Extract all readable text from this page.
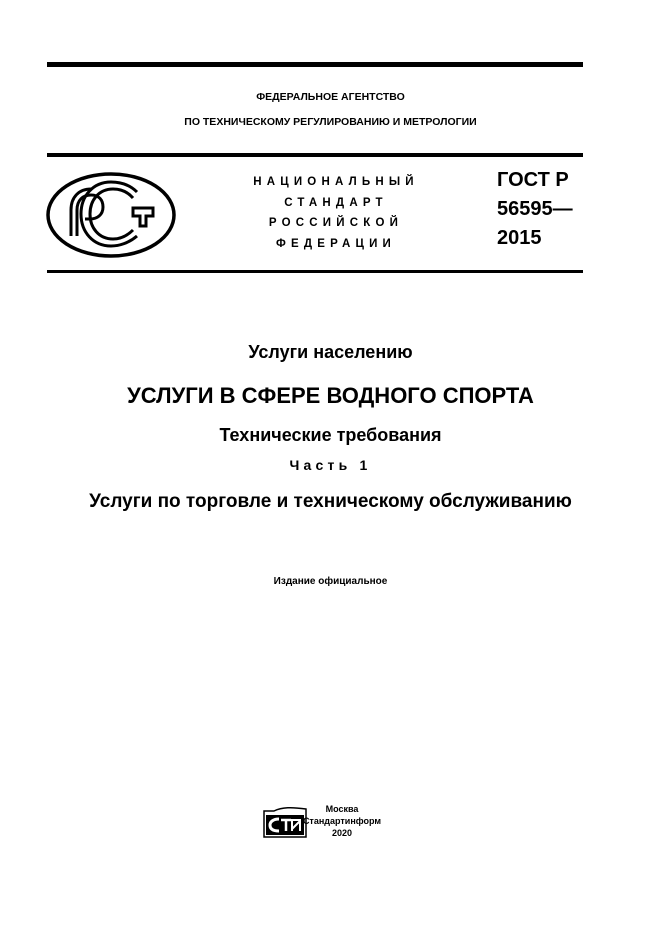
ФЕДЕРАЛЬНОЕ АГЕНТСТВО
ПО ТЕХНИЧЕСКОМУ РЕГУЛИРОВАНИЮ И МЕТРОЛОГИИ
НАЦИОНАЛЬНЫЙ
СТАНДАРТ
РОССИЙСКОЙ
ФЕДЕРАЦИИ
ГОСТ Р
56595—
2015
Услуги населению
УСЛУГИ В СФЕРЕ ВОДНОГО СПОРТА
Технические требования
Часть 1
Услуги по торговле и техническому обслуживанию
Издание официальное
Москва
Стандартинформ
2020
